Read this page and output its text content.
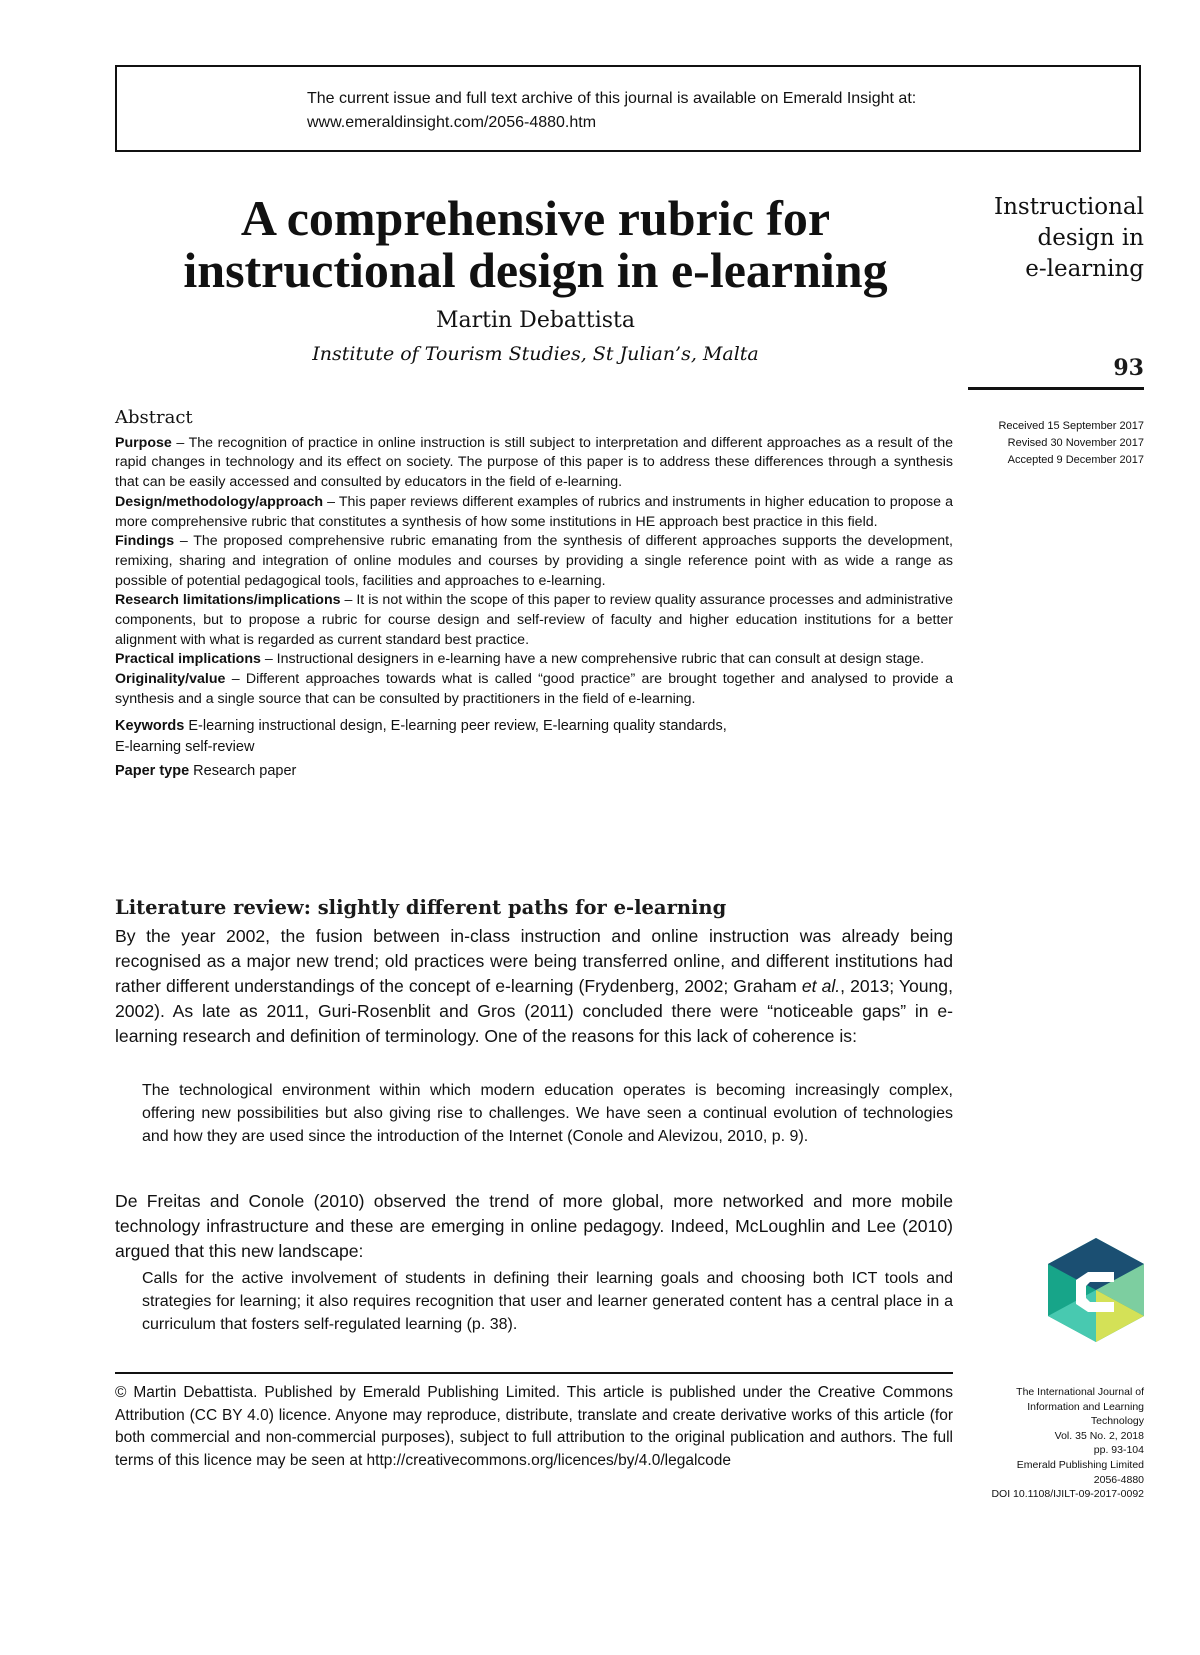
The current issue and full text archive of this journal is available on Emerald Insight at:
www.emeraldinsight.com/2056-4880.htm
A comprehensive rubric for
instructional design in e-learning
Martin Debattista
Institute of Tourism Studies, St Julian’s, Malta
Instructional
design in
e-learning
93
Received 15 September 2017
Revised 30 November 2017
Accepted 9 December 2017
Abstract

Purpose – The recognition of practice in online instruction is still subject to interpretation and different approaches as a result of the rapid changes in technology and its effect on society. The purpose of this paper is to address these differences through a synthesis that can be easily accessed and consulted by educators in the field of e-learning.

Design/methodology/approach – This paper reviews different examples of rubrics and instruments in higher education to propose a more comprehensive rubric that constitutes a synthesis of how some institutions in HE approach best practice in this field.

Findings – The proposed comprehensive rubric emanating from the synthesis of different approaches supports the development, remixing, sharing and integration of online modules and courses by providing a single reference point with as wide a range as possible of potential pedagogical tools, facilities and approaches to e-learning.

Research limitations/implications – It is not within the scope of this paper to review quality assurance processes and administrative components, but to propose a rubric for course design and self-review of faculty and higher education institutions for a better alignment with what is regarded as current standard best practice.

Practical implications – Instructional designers in e-learning have a new comprehensive rubric that can consult at design stage.

Originality/value – Different approaches towards what is called “good practice” are brought together and analysed to provide a synthesis and a single source that can be consulted by practitioners in the field of e-learning.

Keywords E-learning instructional design, E-learning peer review, E-learning quality standards,
E-learning self-review

Paper type Research paper

Literature review: slightly different paths for e-learning
By the year 2002, the fusion between in-class instruction and online instruction was already being recognised as a major new trend; old practices were being transferred online, and different institutions had rather different understandings of the concept of e-learning (Frydenberg, 2002; Graham et al., 2013; Young, 2002). As late as 2011, Guri-Rosenblit and Gros (2011) concluded there were “noticeable gaps” in e-learning research and definition of terminology. One of the reasons for this lack of coherence is:
The technological environment within which modern education operates is becoming increasingly complex, offering new possibilities but also giving rise to challenges. We have seen a continual evolution of technologies and how they are used since the introduction of the Internet (Conole and Alevizou, 2010, p. 9).
De Freitas and Conole (2010) observed the trend of more global, more networked and more mobile technology infrastructure and these are emerging in online pedagogy. Indeed, McLoughlin and Lee (2010) argued that this new landscape:
Calls for the active involvement of students in defining their learning goals and choosing both ICT tools and strategies for learning; it also requires recognition that user and learner generated content has a central place in a curriculum that fosters self-regulated learning (p. 38).
© Martin Debattista. Published by Emerald Publishing Limited. This article is published under the Creative Commons Attribution (CC BY 4.0) licence. Anyone may reproduce, distribute, translate and create derivative works of this article (for both commercial and non-commercial purposes), subject to full attribution to the original publication and authors. The full terms of this licence may be seen at http://creativecommons.org/licences/by/4.0/legalcode
The International Journal of
Information and Learning
Technology
Vol. 35 No. 2, 2018
pp. 93-104
Emerald Publishing Limited
2056-4880
DOI 10.1108/IJILT-09-2017-0092
